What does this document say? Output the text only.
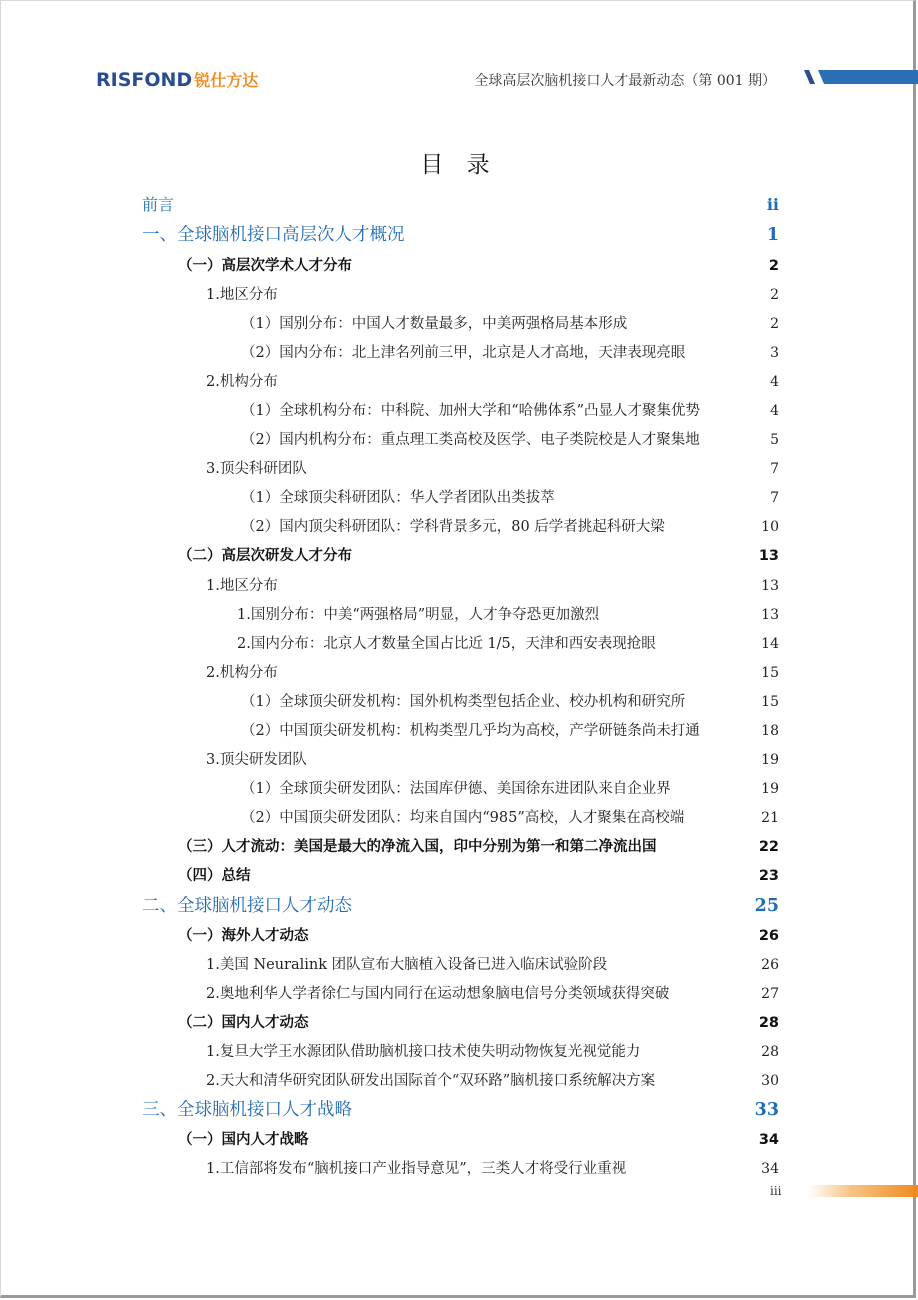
RISFOND 锐仕方达	全球高层次脑机接口人才最新动态（第 001 期）
目 录
前言	ii
一、全球脑机接口高层次人才概况	1
（一）高层次学术人才分布	2
1.地区分布	2
（1）国别分布：中国人才数量最多，中美两强格局基本形成	2
（2）国内分布：北上津名列前三甲，北京是人才高地，天津表现亮眼	3
2.机构分布	4
（1）全球机构分布：中科院、加州大学和“哈佛体系”凸显人才聚集优势	4
（2）国内机构分布：重点理工类高校及医学、电子类院校是人才聚集地	5
3.顶尖科研团队	7
（1）全球顶尖科研团队：华人学者团队出类拔萃	7
（2）国内顶尖科研团队：学科背景多元，80 后学者挑起科研大梁	10
（二）高层次研发人才分布	13
1.地区分布	13
1.国别分布：中美“两强格局”明显，人才争夺恐更加激烈	13
2.国内分布：北京人才数量全国占比近 1/5，天津和西安表现抢眼	14
2.机构分布	15
（1）全球顶尖研发机构：国外机构类型包括企业、校办机构和研究所	15
（2）中国顶尖研发机构：机构类型几乎均为高校，产学研链条尚未打通	18
3.顶尖研发团队	19
（1）全球顶尖研发团队：法国库伊德、美国徐东进团队来自企业界	19
（2）中国顶尖研发团队：均来自国内“985”高校，人才聚集在高校端	21
（三）人才流动：美国是最大的净流入国，印中分别为第一和第二净流出国	22
（四）总结	23
二、全球脑机接口人才动态	25
（一）海外人才动态	26
1.美国 Neuralink 团队宣布大脑植入设备已进入临床试验阶段	26
2.奥地利华人学者徐仁与国内同行在运动想象脑电信号分类领域获得突破	27
（二）国内人才动态	28
1.复旦大学王水源团队借助脑机接口技术使失明动物恢复光视觉能力	28
2.天大和清华研究团队研发出国际首个“双环路”脑机接口系统解决方案	30
三、全球脑机接口人才战略	33
（一）国内人才战略	34
1.工信部将发布“脑机接口产业指导意见”，三类人才将受行业重视	34
iii
